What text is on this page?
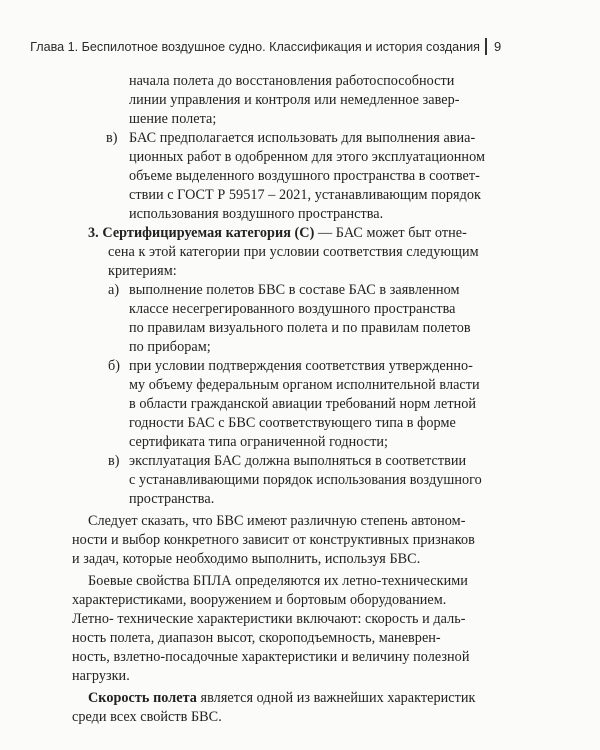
Глава 1. Беспилотное воздушное судно. Классификация и история создания 9
начала полета до восстановления работоспособности
линии управления и контроля или немедленное завер-
шение полета;
в) БАС предполагается использовать для выполнения авиа-
ционных работ в одобренном для этого эксплуатационном
объеме выделенного воздушного пространства в соответ-
ствии с ГОСТ Р 59517 – 2021, устанавливающим порядок
использования воздушного пространства.
3. Сертифицируемая категория (С) — БАС может быт отне-
сена к этой категории при условии соответствия следующим
критериям:
а) выполнение полетов БВС в составе БАС в заявленном
классе несегрегированного воздушного пространства
по правилам визуального полета и по правилам полетов
по приборам;
б) при условии подтверждения соответствия утвержденно-
му объему федеральным органом исполнительной власти
в области гражданской авиации требований норм летной
годности БАС с БВС соответствующего типа в форме
сертификата типа ограниченной годности;
в) эксплуатация БАС должна выполняться в соответствии
с устанавливающими порядок использования воздушного
пространства.
Следует сказать, что БВС имеют различную степень автоном-
ности и выбор конкретного зависит от конструктивных признаков
и задач, которые необходимо выполнить, используя БВС.
Боевые свойства БПЛА определяются их летно-техническими
характеристиками, вооружением и бортовым оборудованием.
Летно- технические характеристики включают: скорость и даль-
ность полета, диапазон высот, скороподъемность, маневрен-
ность, взлетно-посадочные характеристики и величину полезной
нагрузки.
Скорость полета является одной из важнейших характеристик
среди всех свойств БВС.
